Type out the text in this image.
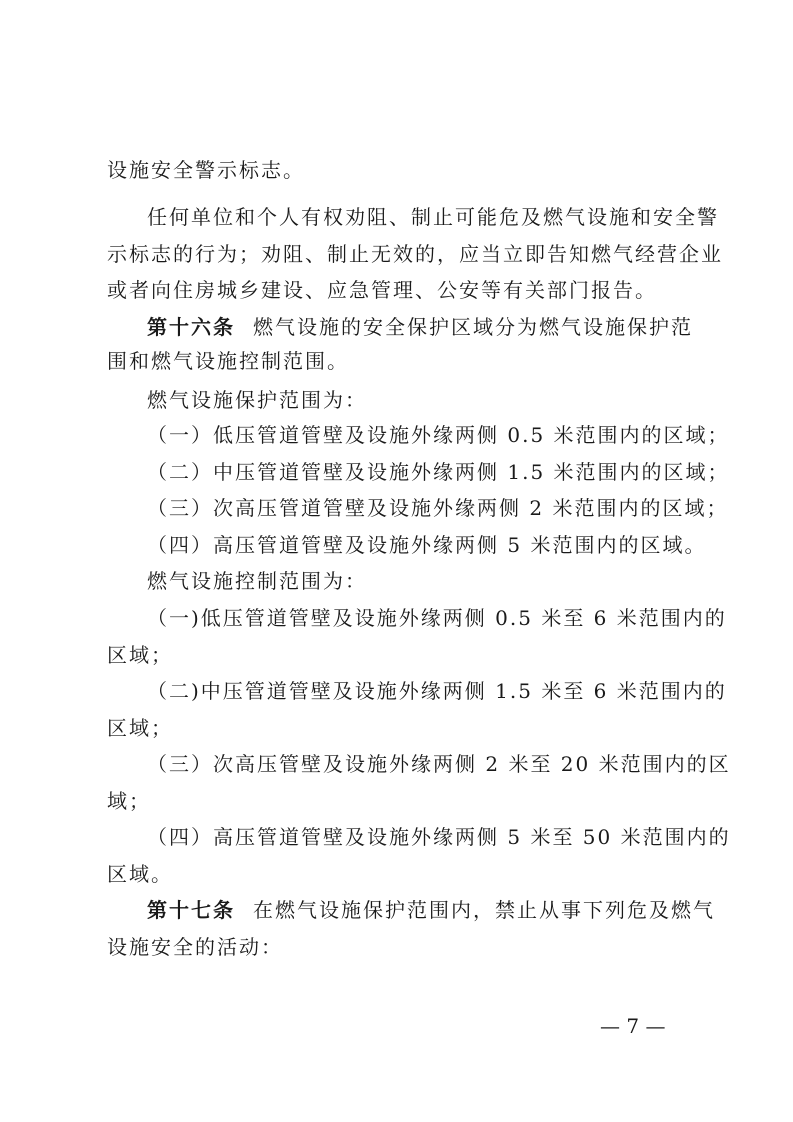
设施安全警示标志。
任何单位和个人有权劝阻、制止可能危及燃气设施和安全警
示标志的行为；劝阻、制止无效的，应当立即告知燃气经营企业
或者向住房城乡建设、应急管理、公安等有关部门报告。
第十六条 燃气设施的安全保护区域分为燃气设施保护范
围和燃气设施控制范围。
燃气设施保护范围为：
（一）低压管道管壁及设施外缘两侧 0.5 米范围内的区域；
（二）中压管道管壁及设施外缘两侧 1.5 米范围内的区域；
（三）次高压管道管壁及设施外缘两侧 2 米范围内的区域；
（四）高压管道管壁及设施外缘两侧 5 米范围内的区域。
燃气设施控制范围为：
（一)低压管道管壁及设施外缘两侧 0.5 米至 6 米范围内的
区域；
（二)中压管道管壁及设施外缘两侧 1.5 米至 6 米范围内的
区域；
（三）次高压管壁及设施外缘两侧 2 米至 20 米范围内的区
域；
（四）高压管道管壁及设施外缘两侧 5 米至 50 米范围内的
区域。
第十七条 在燃气设施保护范围内，禁止从事下列危及燃气
设施安全的活动：
— 7 —
